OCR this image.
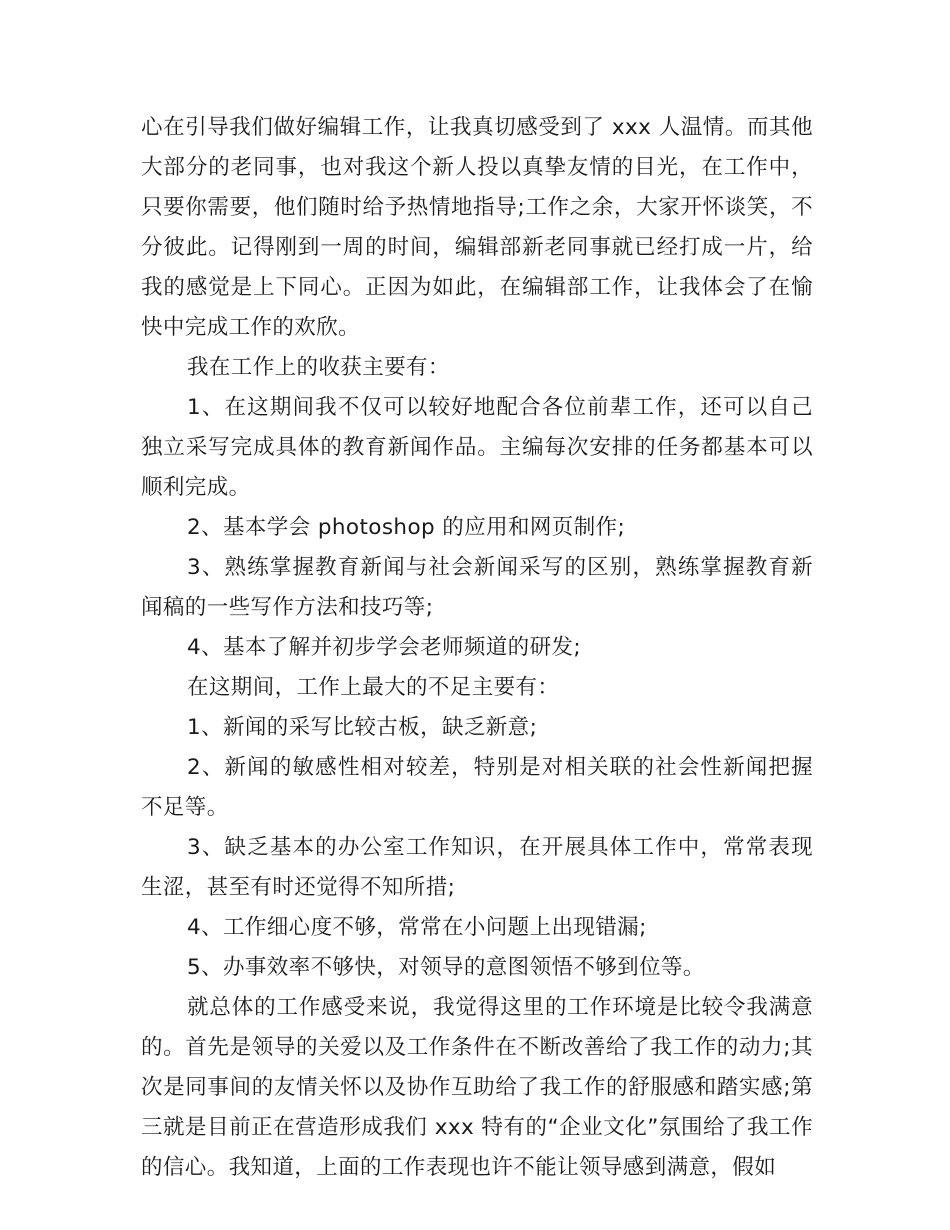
心在引导我们做好编辑工作，让我真切感受到了 xxx 人温情。而其他大部分的老同事，也对我这个新人投以真挚友情的目光，在工作中，只要你需要，他们随时给予热情地指导;工作之余，大家开怀谈笑，不分彼此。记得刚到一周的时间，编辑部新老同事就已经打成一片，给我的感觉是上下同心。正因为如此，在编辑部工作，让我体会了在愉快中完成工作的欢欣。

我在工作上的收获主要有：

1、在这期间我不仅可以较好地配合各位前辈工作，还可以自己独立采写完成具体的教育新闻作品。主编每次安排的任务都基本可以顺利完成。

2、基本学会 photoshop 的应用和网页制作;

3、熟练掌握教育新闻与社会新闻采写的区别，熟练掌握教育新闻稿的一些写作方法和技巧等;

4、基本了解并初步学会老师频道的研发;

在这期间，工作上最大的不足主要有：

1、新闻的采写比较古板，缺乏新意;

2、新闻的敏感性相对较差，特别是对相关联的社会性新闻把握不足等。

3、缺乏基本的办公室工作知识，在开展具体工作中，常常表现生涩，甚至有时还觉得不知所措;

4、工作细心度不够，常常在小问题上出现错漏;

5、办事效率不够快，对领导的意图领悟不够到位等。

就总体的工作感受来说，我觉得这里的工作环境是比较令我满意的。首先是领导的关爱以及工作条件在不断改善给了我工作的动力;其次是同事间的友情关怀以及协作互助给了我工作的舒服感和踏实感;第三就是目前正在营造形成我们 xxx 特有的“企业文化”氛围给了我工作的信心。我知道，上面的工作表现也许不能让领导感到满意，假如
